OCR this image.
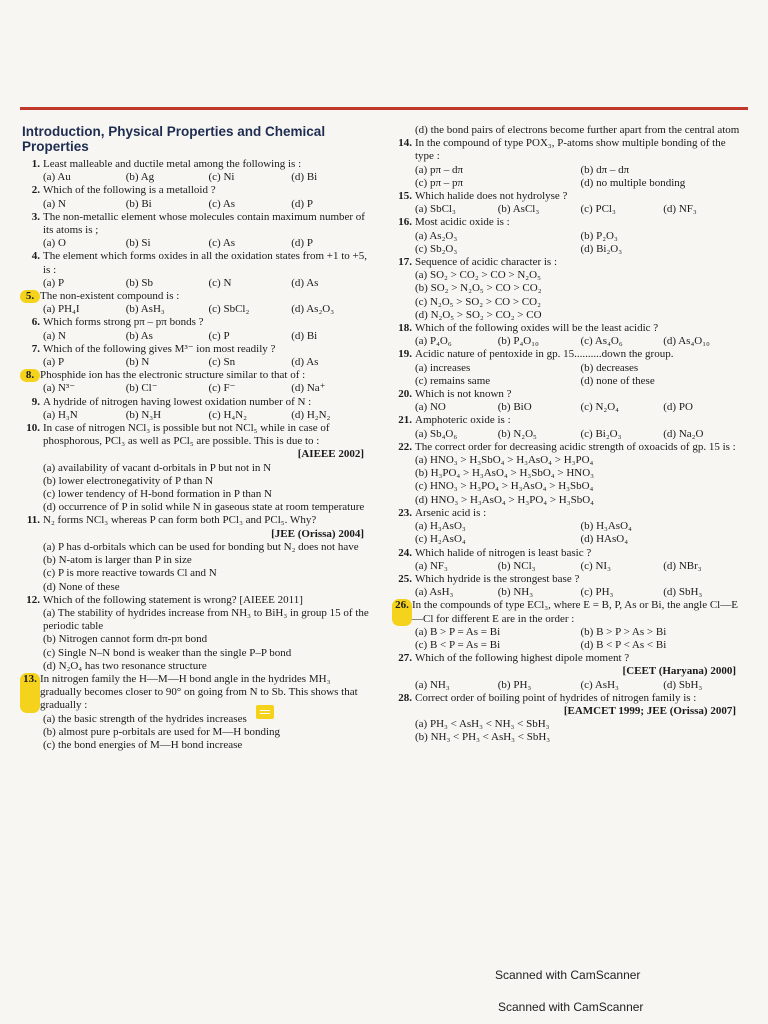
Introduction, Physical Properties and Chemical Properties
1. Least malleable and ductile metal among the following is :
(a) Au	(b) Ag	(c) Ni	(d) Bi
2. Which of the following is a metalloid ?
(a) N	(b) Bi	(c) As	(d) P
3. The non-metallic element whose molecules contain maximum number of its atoms is ;
(a) O	(b) Si	(c) As	(d) P
4. The element which forms oxides in all the oxidation states from +1 to +5, is :
(a) P	(b) Sb	(c) N	(d) As
5. The non-existent compound is :
(a) PH₄I	(b) AsH₃	(c) SbCl₂	(d) As₂O₃
6. Which forms strong pπ – pπ bonds ?
(a) N	(b) As	(c) P	(d) Bi
7. Which of the following gives M³⁻ ion most readily ?
(a) P	(b) N	(c) Sn	(d) As
8. Phosphide ion has the electronic structure similar to that of :
(a) N³⁻	(b) Cl⁻	(c) F⁻	(d) Na⁺
9. A hydride of nitrogen having lowest oxidation number of N :
(a) H₃N	(b) N₃H	(c) H₄N₂	(d) H₂N₂
10. In case of nitrogen NCl₃ is possible but not NCl₅ while in case of phosphorous, PCl₃ as well as PCl₅ are possible. This is due to :
[AIEEE 2002]
(a) availability of vacant d-orbitals in P but not in N
(b) lower electronegativity of P than N
(c) lower tendency of H-bond formation in P than N
(d) occurrence of P in solid while N in gaseous state at room temperature
11. N₂ forms NCl₃ whereas P can form both PCl₃ and PCl₅. Why?
[JEE (Orissa) 2004]
(a) P has d-orbitals which can be used for bonding but N₂ does not have
(b) N-atom is larger than P in size
(c) P is more reactive towards Cl and N
(d) None of these
12. Which of the following statement is wrong? [AIEEE 2011]
(a) The stability of hydrides increase from NH₃ to BiH₃ in group 15 of the periodic table
(b) Nitrogen cannot form dπ-pπ bond
(c) Single N–N bond is weaker than the single P–P bond
(d) N₂O₄ has two resonance structure
13. In nitrogen family the H—M—H bond angle in the hydrides MH₃ gradually becomes closer to 90° on going from N to Sb. This shows that gradually :
(a) the basic strength of the hydrides increases
(b) almost pure p-orbitals are used for M—H bonding
(c) the bond energies of M—H bond increase
(d) the bond pairs of electrons become further apart from the central atom
14. In the compound of type POX₃, P-atoms show multiple bonding of the type :
(a) pπ – dπ	(b) dπ – dπ
(c) pπ – pπ	(d) no multiple bonding
15. Which halide does not hydrolyse ?
(a) SbCl₃	(b) AsCl₃	(c) PCl₃	(d) NF₃
16. Most acidic oxide is :
(a) As₂O₃	(b) P₂O₃
(c) Sb₂O₃	(d) Bi₂O₃
17. Sequence of acidic character is :
(a) SO₂ > CO₂ > CO > N₂O₅
(b) SO₂ > N₂O₅ > CO > CO₂
(c) N₂O₅ > SO₂ > CO > CO₂
(d) N₂O₅ > SO₂ > CO₂ > CO
18. Which of the following oxides will be the least acidic ?
(a) P₄O₆	(b) P₄O₁₀	(c) As₄O₆	(d) As₄O₁₀
19. Acidic nature of pentoxide in gp. 15..........down the group.
(a) increases	(b) decreases
(c) remains same	(d) none of these
20. Which is not known ?
(a) NO	(b) BiO	(c) N₂O₄	(d) PO
21. Amphoteric oxide is :
(a) Sb₄O₆	(b) N₂O₅	(c) Bi₂O₃	(d) Na₂O
22. The correct order for decreasing acidic strength of oxoacids of gp. 15 is :
(a) HNO₃ > H₃SbO₄ > H₃AsO₄ > H₃PO₄
(b) H₃PO₄ > H₃AsO₄ > H₃SbO₄ > HNO₃
(c) HNO₃ > H₃PO₄ > H₃AsO₄ > H₃SbO₄
(d) HNO₃ > H₃AsO₄ > H₃PO₄ > H₃SbO₄
23. Arsenic acid is :
(a) H₃AsO₃	(b) H₃AsO₄
(c) H₂AsO₄	(d) HAsO₄
24. Which halide of nitrogen is least basic ?
(a) NF₃	(b) NCl₃	(c) NI₃	(d) NBr₃
25. Which hydride is the strongest base ?
(a) AsH₃	(b) NH₃	(c) PH₃	(d) SbH₃
26. In the compounds of type ECl₃, where E = B, P, As or Bi, the angle Cl—E—Cl for different E are in the order :
(a) B > P = As = Bi	(b) B > P > As > Bi
(c) B < P = As = Bi	(d) B < P < As < Bi
27. Which of the following highest dipole moment ?
[CEET (Haryana) 2000]
(a) NH₃	(b) PH₃	(c) AsH₃	(d) SbH₃
28. Correct order of boiling point of hydrides of nitrogen family is :
[EAMCET 1999; JEE (Orissa) 2007]
(a) PH₃ < AsH₃ < NH₃ < SbH₃
(b) NH₃ < PH₃ < AsH₃ < SbH₃
Scanned with CamScanner
Scanned with CamScanner
